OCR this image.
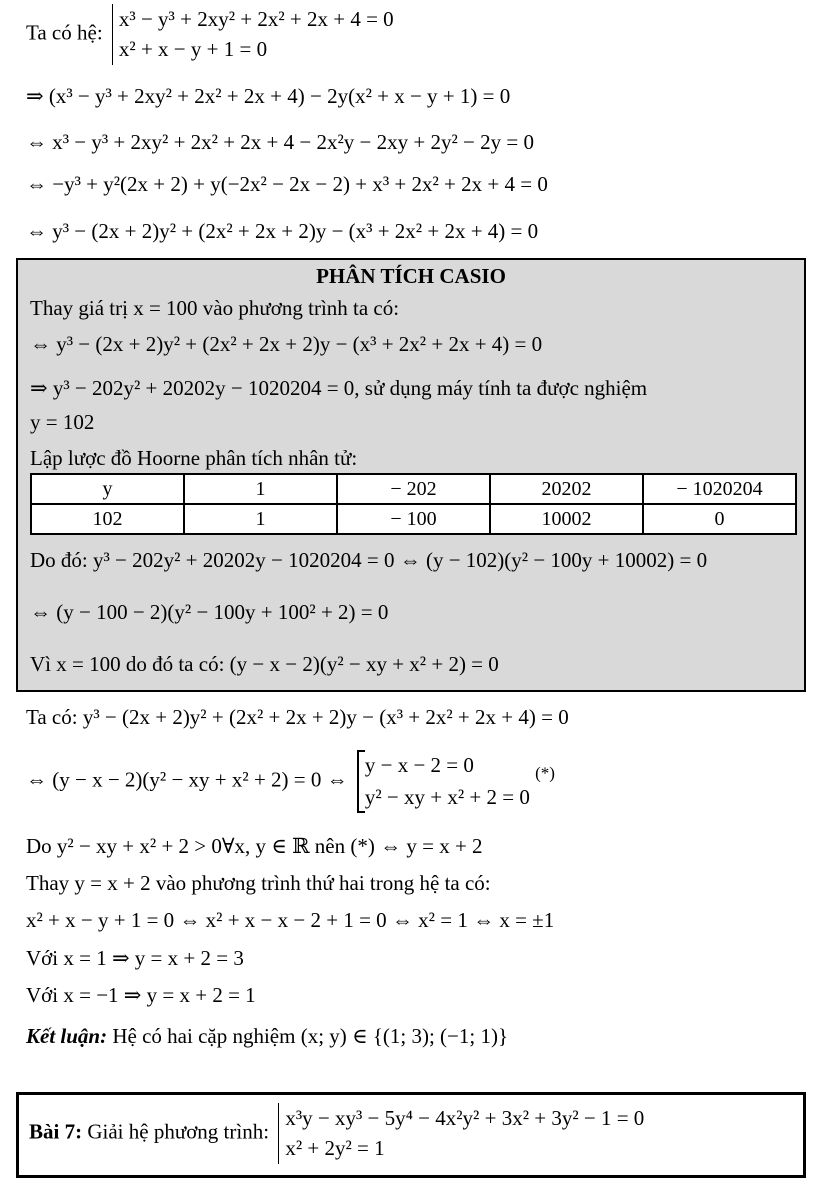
Ta có hệ: x³ − y³ + 2xy² + 2x² + 2x + 4 = 0
x² + x − y + 1 = 0
⇒ (x³ − y³ + 2xy² + 2x² + 2x + 4) − 2y(x² + x − y + 1) = 0
⇔ x³ − y³ + 2xy² + 2x² + 2x + 4 − 2x²y − 2xy + 2y² − 2y = 0
⇔ −y³ + y²(2x + 2) + y(−2x² − 2x − 2) + x³ + 2x² + 2x + 4 = 0
⇔ y³ − (2x + 2)y² + (2x² + 2x + 2)y − (x³ + 2x² + 2x + 4) = 0
PHÂN TÍCH CASIO
Thay giá trị x = 100 vào phương trình ta có:
⇔ y³ − (2x + 2)y² + (2x² + 2x + 2)y − (x³ + 2x² + 2x + 4) = 0
⇒ y³ − 202y² + 20202y − 1020204 = 0, sử dụng máy tính ta được nghiệm
y = 102
Lập lược đồ Hoorne phân tích nhân tử:
y	1	− 202	20202	− 1020204
102	1	− 100	10002	0
Do đó: y³ − 202y² + 20202y − 1020204 = 0 ⇔ (y − 102)(y² − 100y + 10002) = 0
⇔ (y − 100 − 2)(y² − 100y + 100² + 2) = 0
Vì x = 100 do đó ta có: (y − x − 2)(y² − xy + x² + 2) = 0
Ta có: y³ − (2x + 2)y² + (2x² + 2x + 2)y − (x³ + 2x² + 2x + 4) = 0
⇔ (y − x − 2)(y² − xy + x² + 2) = 0 ⇔ y − x − 2 = 0
y² − xy + x² + 2 = 0 (*)
Do y² − xy + x² + 2 > 0∀x, y ∈ ℝ nên (*) ⇔ y = x + 2
Thay y = x + 2 vào phương trình thứ hai trong hệ ta có:
x² + x − y + 1 = 0 ⇔ x² + x − x − 2 + 1 = 0 ⇔ x² = 1 ⇔ x = ±1
Với x = 1 ⇒ y = x + 2 = 3
Với x = −1 ⇒ y = x + 2 = 1
Kết luận: Hệ có hai cặp nghiệm (x; y) ∈ {(1; 3); (−1; 1)}
Bài 7: Giải hệ phương trình: x³y − xy³ − 5y⁴ − 4x²y² + 3x² + 3y² − 1 = 0
x² + 2y² = 1
